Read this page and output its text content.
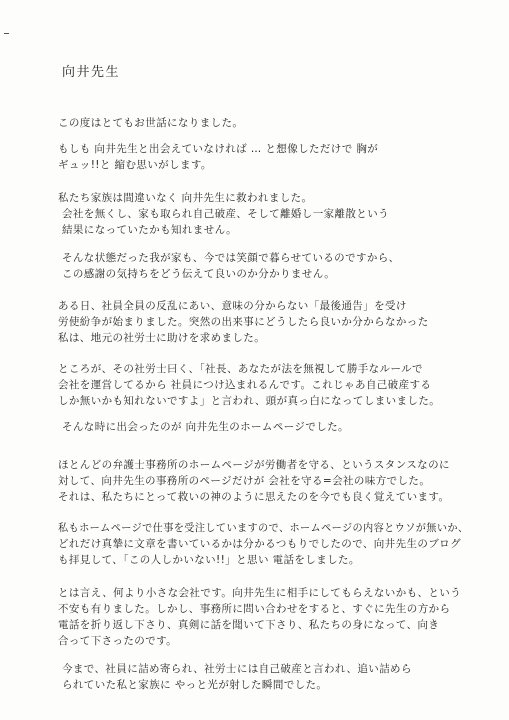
向井先生

この度はとてもお世話になりました。

もしも 向井先生と出会えていなければ … と想像しただけで 胸が

ギュッ!!と 縮む思いがします。

私たち家族は間違いなく 向井先生に救われました。

会社を無くし、家も取られ自己破産、そして離婚し一家離散という

結果になっていたかも知れません。

そんな状態だった我が家も、今では笑顔で暮らせているのですから、

この感謝の気持ちをどう伝えて良いのか分かりません。

ある日、社員全員の反乱にあい、意味の分からない「最後通告」を受け

労使紛争が始まりました。突然の出来事にどうしたら良いか分からなかった

私は、地元の社労士に助けを求めました。

ところが、その社労士曰く、「社長、あなたが法を無視して勝手なルールで

会社を運営してるから 社員につけ込まれるんです。これじゃあ自己破産する

しか無いかも知れないですよ」と言われ、頭が真っ白になってしまいました。

そんな時に出会ったのが 向井先生のホームページでした。

ほとんどの弁護士事務所のホームページが労働者を守る、というスタンスなのに

対して、向井先生の事務所のページだけが 会社を守る=会社の味方でした。

それは、私たちにとって救いの神のように思えたのを今でも良く覚えています。

私もホームページで仕事を受注していますので、ホームページの内容とウソが無いか、

どれだけ真摯に文章を書いているかは分かるつもりでしたので、向井先生のブログ

も拝見して、「この人しかいない!!」と思い 電話をしました。

とは言え、何より小さな会社です。向井先生に相手にしてもらえないかも、という

不安も有りました。しかし、事務所に問い合わせをすると、すぐに先生の方から

電話を折り返し下さり、真剣に話を聞いて下さり、私たちの身になって、向き

合って下さったのです。

今まで、社員に詰め寄られ、社労士には自己破産と言われ、追い詰めら

られていた私と家族に やっと光が射した瞬間でした。
